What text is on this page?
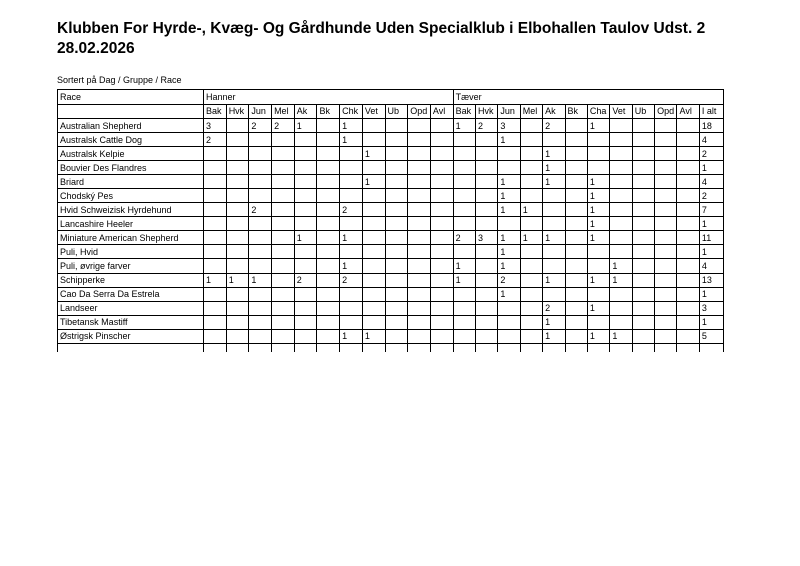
Klubben For Hyrde-, Kvæg- Og Gårdhunde Uden Specialklub i Elbohallen Taulov Udst. 2
28.02.2026
Sortert på Dag / Gruppe / Race
Race	Hanner											Tæver											
	Bak	Hvk	Jun	Mel	Ak	Bk	Chk	Vet	Ub	Opd	Avl	Bak	Hvk	Jun	Mel	Ak	Bk	Cha	Vet	Ub	Opd	Avl	I alt
Australian Shepherd	3		2	2	1		1					1	2	3		2		1					18
Australsk Cattle Dog	2						1							1									4
Australsk Kelpie								1								1							2
Bouvier Des Flandres																1							1
Briard								1						1		1		1					4
Chodský Pes														1				1					2
Hvid Schweizisk Hyrdehund			2				2							1	1			1					7
Lancashire Heeler																		1					1
Miniature American Shepherd					1		1					2	3	1	1	1		1					11
Puli, Hvid														1									1
Puli, øvrige farver							1					1		1					1				4
Schipperke	1	1	1		2		2					1		2		1		1	1				13
Cao Da Serra Da Estrela														1									1
Landseer																2		1					3
Tibetansk Mastiff																1							1
Østrigsk Pinscher							1	1								1		1	1				5
